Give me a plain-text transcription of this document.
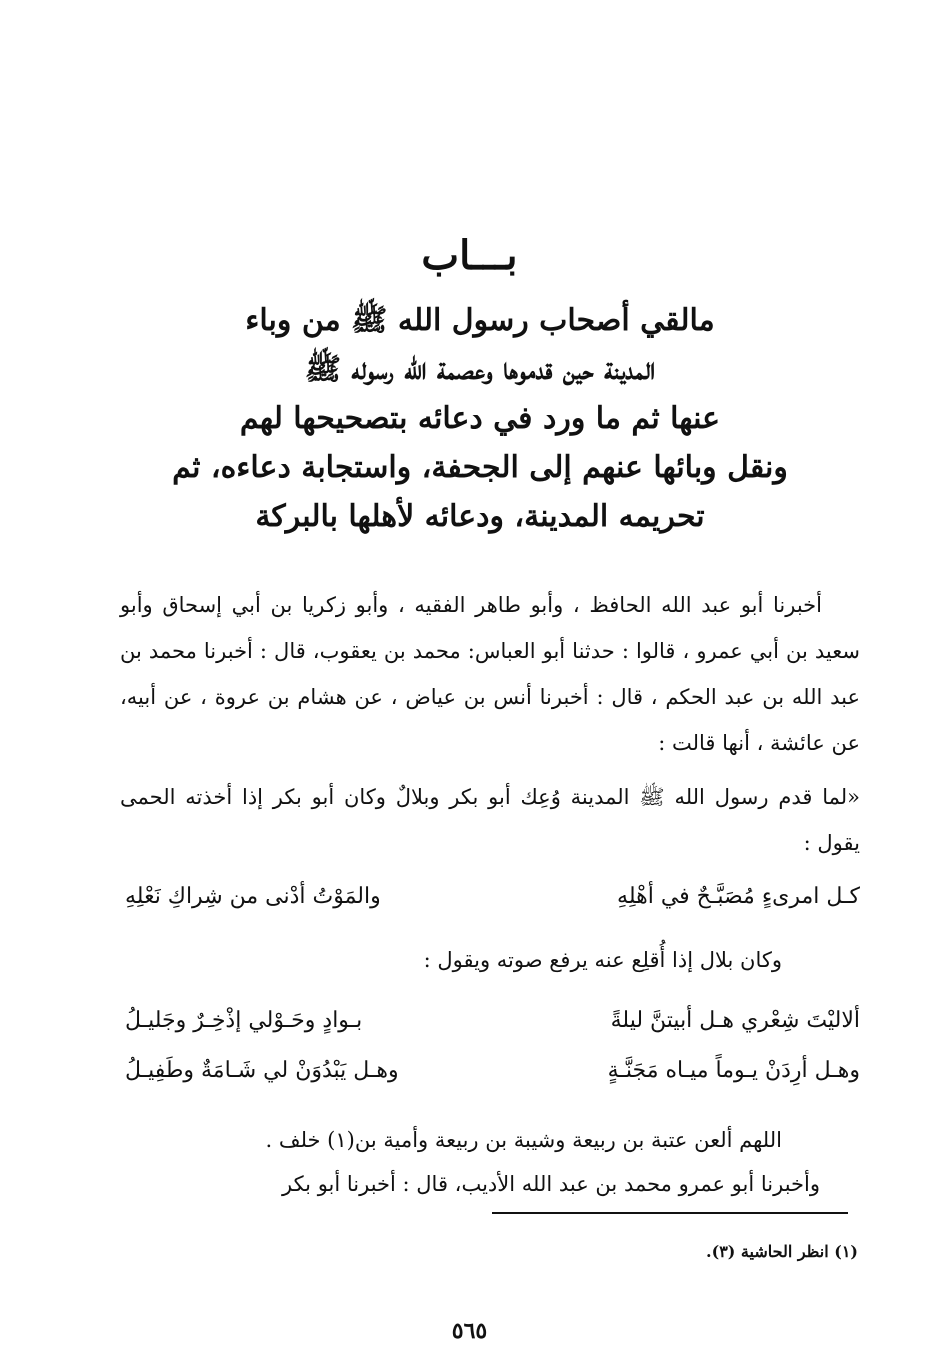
بـــاب
مالقي أصحاب رسول الله ﷺ من وباء
المدينة حين قدموها وعصمة الله رسوله ﷺ
عنها ثم ما ورد في دعائه بتصحيحها لهم
ونقل وبائها عنهم إلى الجحفة، واستجابة دعاءه، ثم
تحريمه المدينة، ودعائه لأهلها بالبركة

أخبرنا أبو عبد الله الحافظ ، وأبو طاهر الفقيه ، وأبو زكريا بن أبي إسحاق وأبو سعيد بن أبي عمرو ، قالوا : حدثنا أبو العباس: محمد بن يعقوب، قال : أخبرنا محمد بن عبد الله بن عبد الحكم ، قال : أخبرنا أنس بن عياض ، عن هشام بن عروة ، عن أبيه، عن عائشة ، أنها قالت :

«لما قدم رسول الله ﷺ المدينة وُعِك أبو بكر وبلالٌ وكان أبو بكر إذا أخذته الحمى يقول :

كـل امرىءٍ مُصَبَّـحٌ في أهْلِهِ
والمَوْتُ أدْنى من شِراكِ نَعْلِهِ

وكان بلال إذا أُقلِع عنه يرفع صوته ويقول :

ألاليْتَ شِعْري هـل أبيتنَّ ليلةً
بـوادٍ وحَـوْلي إذْخِـرٌ وجَليـلُ
وهـل أرِدَنْ يـوماً ميـاه مَجَنَّـةٍ
وهـل يَبْدُوَنْ لي شَـامَةٌ وطَفِيـلُ

اللهم ألعن عتبة بن ربيعة وشيبة بن ربيعة وأمية بن(١) خلف .

وأخبرنا أبو عمرو محمد بن عبد الله الأديب، قال : أخبرنا أبو بكر

(١) انظر الحاشية (٣).
٥٦٥
